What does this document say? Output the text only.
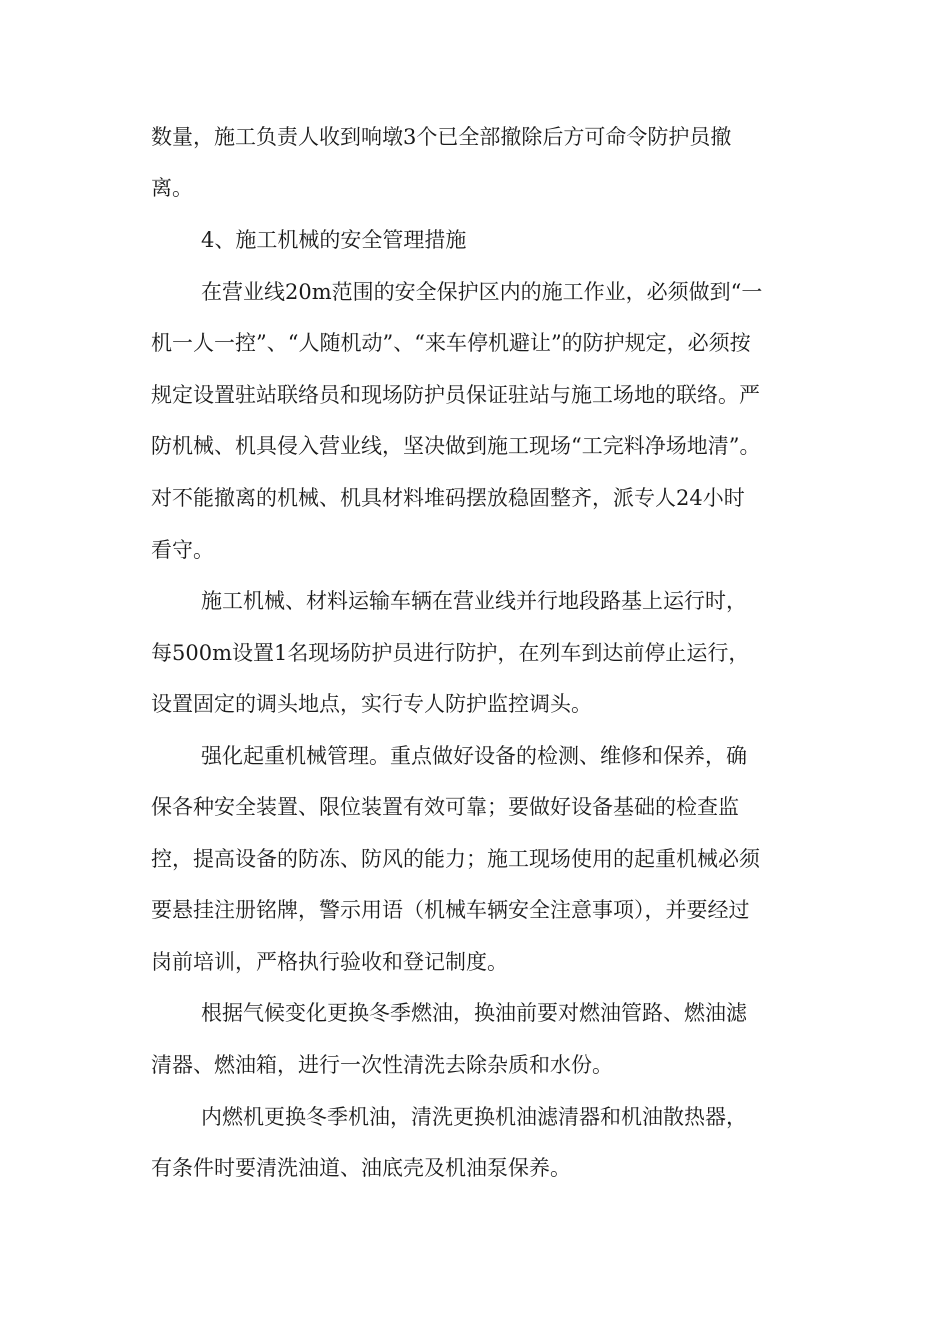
数量，施工负责人收到响墩3个已全部撤除后方可命令防护员撤

离。

4、施工机械的安全管理措施

在营业线20m范围的安全保护区内的施工作业，必须做到“一

机一人一控”、“人随机动”、“来车停机避让”的防护规定，必须按

规定设置驻站联络员和现场防护员保证驻站与施工场地的联络。严

防机械、机具侵入营业线，坚决做到施工现场“工完料净场地清”。

对不能撤离的机械、机具材料堆码摆放稳固整齐，派专人24小时

看守。

施工机械、材料运输车辆在营业线并行地段路基上运行时，

每500m设置1名现场防护员进行防护，在列车到达前停止运行，

设置固定的调头地点，实行专人防护监控调头。

强化起重机械管理。重点做好设备的检测、维修和保养，确

保各种安全装置、限位装置有效可靠；要做好设备基础的检查监

控，提高设备的防冻、防风的能力；施工现场使用的起重机械必须

要悬挂注册铭牌，警示用语（机械车辆安全注意事项），并要经过

岗前培训，严格执行验收和登记制度。

根据气候变化更换冬季燃油，换油前要对燃油管路、燃油滤

清器、燃油箱，进行一次性清洗去除杂质和水份。

内燃机更换冬季机油，清洗更换机油滤清器和机油散热器，

有条件时要清洗油道、油底壳及机油泵保养。
